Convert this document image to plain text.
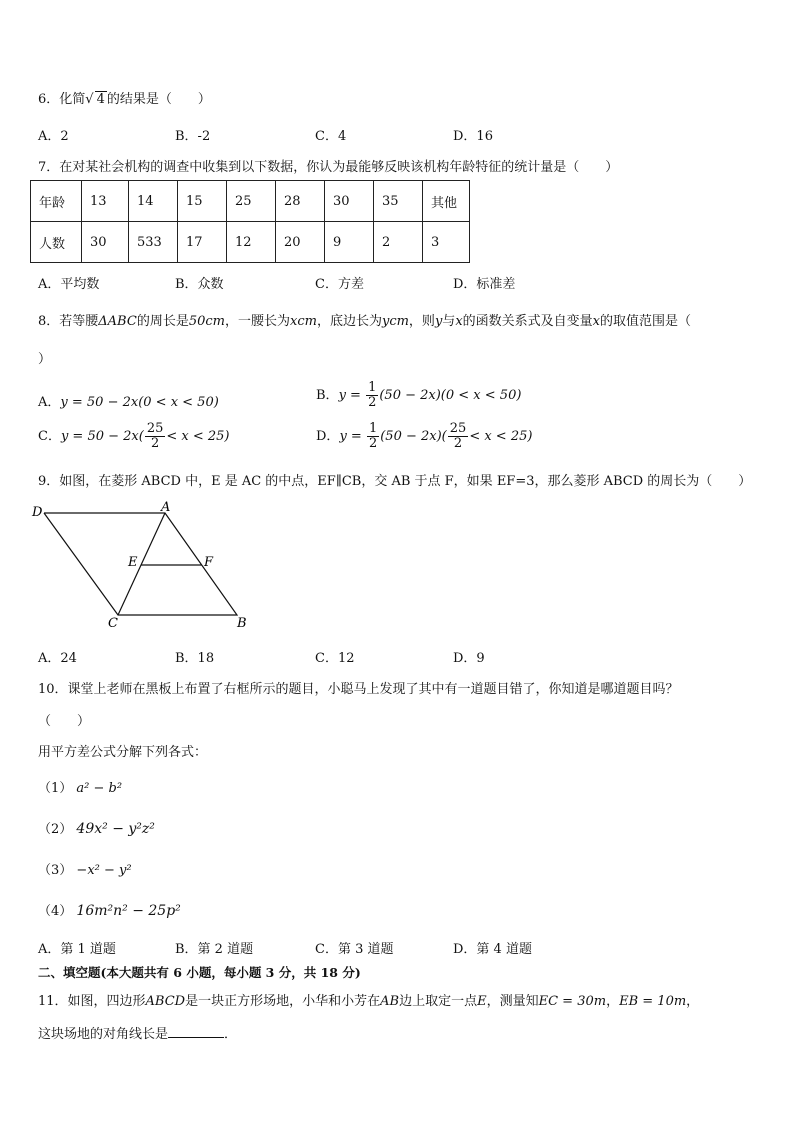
6．化简√ 4 的结果是（　　）
A．2	B．-2	C．4	D．16
7．在对某社会机构的调查中收集到以下数据，你认为最能够反映该机构年龄特征的统计量是（　　）
年龄	13	14	15	25	28	30	35	其他
人数	30	533	17	12	20	9	2	3
A．平均数	B．众数	C．方差	D．标准差
8．若等腰ΔABC的周长是50cm，一腰长为xcm，底边长为ycm，则y与x的函数关系式及自变量x的取值范围是（
）
A．y = 50 − 2x(0 < x < 50)	B．$y = \frac{1}{2} (50 - 2x)(0 < x < 50)$
C．$y = 50 - 2x( \frac{25}{2} < x < 25)$	D．$y = \frac{1}{2} (50 - 2x)( \frac{25}{2} < x < 25)$
9．如图，在菱形 ABCD 中，E 是 AC 的中点，EF∥CB，交 AB 于点 F，如果 EF=3，那么菱形 ABCD 的周长为（　　）
D	A
E	F
C	B
A．24	B．18	C．12	D．9
10．课堂上老师在黑板上布置了右框所示的题目，小聪马上发现了其中有一道题目错了，你知道是哪道题目吗？
（　　）
用平方差公式分解下列各式：
（1） a² − b²
（2） 49x² − y²z²
（3） −x² − y²
（4） 16m²n² − 25p²
A．第 1 道题	B．第 2 道题	C．第 3 道题	D．第 4 道题
二、填空题(本大题共有 6 小题，每小题 3 分，共 18 分)
11．如图，四边形ABCD是一块正方形场地，小华和小芳在AB边上取定一点E，测量知EC = 30m，EB = 10m，
这块场地的对角线长是	．
